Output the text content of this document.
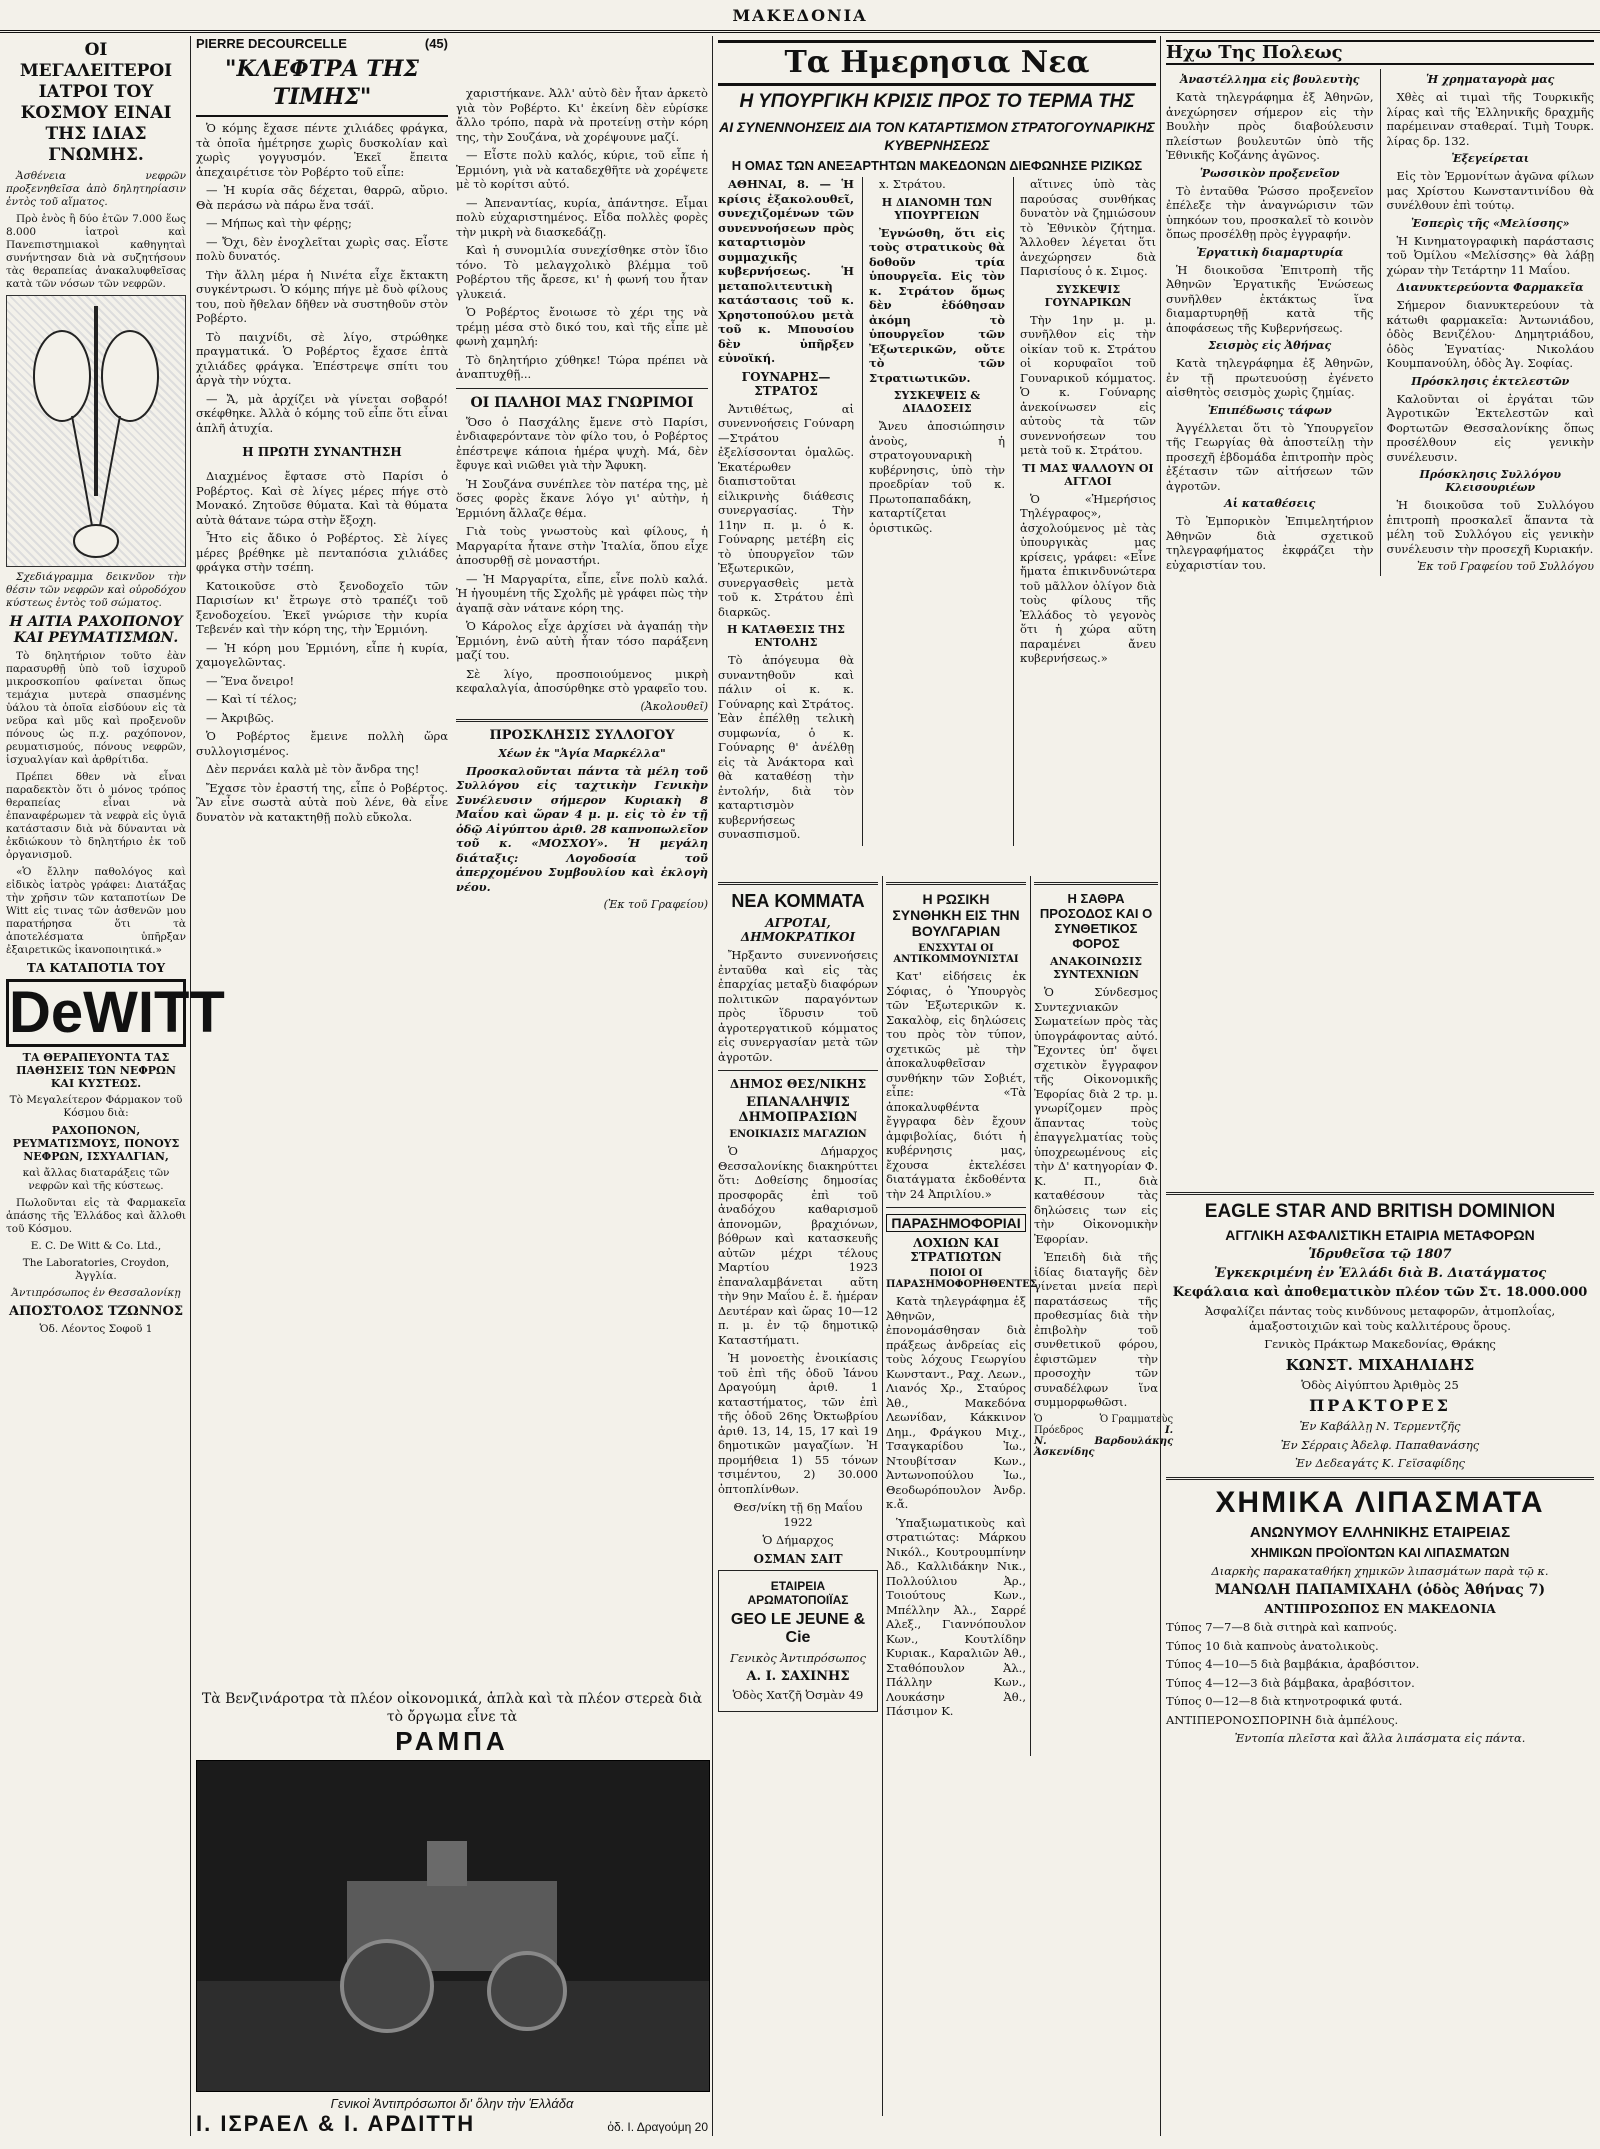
ΜΑΚΕΔΟΝΙΑ
ΟΙ ΜΕΓΑΛΕΙΤΕΡΟΙ ΙΑΤΡΟΙ ΤΟΥ ΚΟΣΜΟΥ ΕΙΝΑΙ ΤΗΣ ΙΔΙΑΣ ΓΝΩΜΗΣ.

Ἀσθένεια νεφρῶν προξενηθεῖσα ἀπὸ δηλητηρίασιν ἐντὸς τοῦ αἵματος.

Πρὸ ἑνὸς ἢ δύο ἐτῶν 7.000 ἕως 8.000 ἰατροὶ καὶ Πανεπιστημιακοὶ καθηγηταὶ συνήντησαν διὰ νὰ συζητήσουν τὰς θεραπείας ἀνακαλυφθεῖσας κατὰ τῶν νόσων τῶν νεφρῶν.

Σχεδιάγραμμα δεικνῦον τὴν θέσιν τῶν νεφρῶν καὶ οὐροδόχου κύστεως ἐντὸς τοῦ σώματος.

Η ΑΙΤΙΑ ΡΑΧΟΠΟΝΟΥ ΚΑΙ ΡΕΥΜΑΤΙΣΜΩΝ.

Τὸ δηλητήριον τοῦτο ἐὰν παρασυρθῇ ὑπὸ τοῦ ἰσχυροῦ μικροσκοπίου φαίνεται ὅπως τεμάχια μυτερὰ σπασμένης ὑάλου τὰ ὁποῖα εἰσδύουν εἰς τὰ νεῦρα καὶ μῦς καὶ προξενοῦν πόνους ὡς π.χ. ραχόπονον, ρευματισμούς, πόνους νεφρῶν, ἰσχυαλγίαν καὶ ἀρθρίτιδα.

Πρέπει δθεν νὰ εἶναι παραδεκτὸν ὅτι ὁ μόνος τρόπος θεραπείας εἶναι νὰ ἐπαναφέρωμεν τὰ νεφρὰ εἰς ὑγιᾶ κατάστασιν διὰ νὰ δύνανται νὰ ἐκδιώκουν τὸ δηλητήριο ἐκ τοῦ ὀργανισμοῦ.

«Ὁ ἔλλην παθολόγος καὶ εἰδικὸς ἰατρὸς γράφει: Διατάξας τὴν χρῆσιν τῶν καταποτίων De Witt εἰς τινας τῶν ἀσθενῶν μου παρατήρησα ὅτι τὰ ἀποτελέσματα ὑπῆρξαν ἐξαιρετικῶς ἱκανοποιητικά.»

ΤΑ ΚΑΤΑΠΟΤΙΑ ΤΟΥ
DeWITT
ΤΑ ΘΕΡΑΠΕΥΟΝΤΑ ΤΑΣ ΠΑΘΗΣΕΙΣ ΤΩΝ ΝΕΦΡΩΝ ΚΑΙ ΚΥΣΤΕΩΣ.
Τὸ Μεγαλείτερον Φάρμακον τοῦ Κόσμου διὰ:
ΡΑΧΟΠΟΝΟΝ, ΡΕΥΜΑΤΙΣΜΟΥΣ, ΠΟΝΟΥΣ ΝΕΦΡΩΝ, ΙΣΧΥΑΛΓΙΑΝ,
καὶ ἄλλας διαταράξεις τῶν νεφρῶν καὶ τῆς κύστεως.

Πωλοῦνται εἰς τὰ Φαρμακεῖα ἁπάσης τῆς Ἑλλάδος καὶ ἄλλοθι τοῦ Κόσμου.

E. C. De Witt & Co. Ltd.,
The Laboratories, Croydon, Ἀγγλία.
Ἀντιπρόσωπος ἐν Θεσσαλονίκῃ
ΑΠΟΣΤΟΛΟΣ ΤΖΩΝΝΟΣ
Ὁδ. Λέοντος Σοφοῦ 1
PIERRE DECOURCELLE	(45)
"ΚΛΕΦΤΡΑ ΤΗΣ ΤΙΜΗΣ"

Ὁ κόμης ἔχασε πέντε χιλιάδες φράγκα, τὰ ὁποῖα ἠμέτρησε χωρὶς δυσκολίαν καὶ χωρὶς γογγυσμόν. Ἐκεῖ ἔπειτα ἀπεχαιρέτισε τὸν Ροβέρτο τοῦ εἶπε:

— Ἡ κυρία σᾶς δέχεται, θαρρῶ, αὔριο. Θὰ περάσω νὰ πάρω ἕνα τσάϊ.

— Μήπως καὶ τὴν φέρῃς;

— Ὄχι, δὲν ἐνοχλεῖται χωρὶς σας. Εἶστε πολὺ δυνατός.

Τὴν ἄλλη μέρα ἡ Νινέτα εἶχε ἔκτακτη συγκέντρωσι. Ὁ κόμης πήγε μὲ δυὸ φίλους του, ποὺ ἤθελαν δῆθεν νὰ συστηθοῦν στὸν Ροβέρτο.

Τὸ παιχνίδι, σὲ λίγο, στρώθηκε πραγματικά. Ὁ Ροβέρτος ἔχασε ἑπτὰ χιλιάδες φράγκα. Ἐπέστρεψε σπίτι του ἀργὰ τὴν νύχτα.

— Ἄ, μὰ ἀρχίζει νὰ γίνεται σοβαρό! σκέφθηκε. Ἀλλὰ ὁ κόμης τοῦ εἶπε ὅτι εἶναι ἁπλῆ ἀτυχία.

Η ΠΡΩΤΗ ΣΥΝΑΝΤΗΣΗ

Διαχμένος ἔφτασε στὸ Παρίσι ὁ Ροβέρτος. Καὶ σὲ λίγες μέρες πήγε στὸ Μονακό. Ζητοῦσε θύματα. Καὶ τὰ θύματα αὐτὰ θάτανε τώρα στὴν ἔξοχη.

Ἦτο εἰς ἄδικο ὁ Ροβέρτος. Σὲ λίγες μέρες βρέθηκε μὲ πενταπόσια χιλιάδες φράγκα στὴν τσέπη.

Κατοικοῦσε στὸ ξενοδοχεῖο τῶν Παρισίων κι' ἔτρωγε στὸ τραπέζι τοῦ ξενοδοχείου. Ἐκεῖ γνώρισε τὴν κυρία Τεβενέν καὶ τὴν κόρη της, τὴν Ἑρμιόνη.

— Ἡ κόρη μου Ἑρμιόνη, εἶπε ἡ κυρία, χαμογελῶντας.

— Ἕνα ὄνειρο!

— Καὶ τί τέλος;

— Ἀκριβῶς.

Ὁ Ροβέρτος ἔμεινε πολλὴ ὥρα συλλογισμένος.

Δὲν περνάει καλὰ μὲ τὸν ἄνδρα της!

Ἔχασε τὸν ἐραστή της, εἶπε ὁ Ροβέρτος. Ἂν εἶνε σωστὰ αὐτὰ ποὺ λένε, θὰ εἶνε δυνατὸν νὰ κατακτηθῇ πολὺ εὔκολα.

χαριστήκανε. Ἀλλ' αὐτὸ δὲν ἦταν ἀρκετὸ γιὰ τὸν Ροβέρτο. Κι' ἐκείνη δὲν εὑρίσκε ἄλλο τρόπο, παρὰ νὰ προτείνῃ στὴν κόρη της, τὴν Σουζάνα, νὰ χορέψουνε μαζί.

— Εἶστε πολὺ καλός, κύριε, τοῦ εἶπε ἡ Ἑρμιόνη, γιὰ νὰ καταδεχθῆτε νὰ χορέψετε μὲ τὸ κορίτσι αὐτό.

— Ἀπεναντίας, κυρία, ἀπάντησε. Εἶμαι πολὺ εὐχαριστημένος. Εἶδα πολλὲς φορὲς τὴν μικρὴ νὰ διασκεδάζῃ.

Καὶ ἡ συνομιλία συνεχίσθηκε στὸν ἴδιο τόνο. Τὸ μελαγχολικὸ βλέμμα τοῦ Ροβέρτου τῆς ἄρεσε, κι' ἡ φωνή του ἦταν γλυκειά.

Ὁ Ροβέρτος ἔνοιωσε τὸ χέρι της νὰ τρέμῃ μέσα στὸ δικό του, καὶ τῆς εἶπε μὲ φωνὴ χαμηλή:

Τὸ δηλητήριο χύθηκε! Τώρα πρέπει νὰ ἀναπτυχθῇ...

ΟΙ ΠΑΛΗΟΙ ΜΑΣ ΓΝΩΡΙΜΟΙ

Ὅσο ὁ Πασχάλης ἔμενε στὸ Παρίσι, ἐνδιαφερόντανε τὸν φίλο του, ὁ Ροβέρτος ἐπέστρεψε κάποια ἡμέρα ψυχὴ. Μά, δὲν ἔφυγε καὶ νιῶθει γιὰ τὴν Ἄφυκη.

Ἡ Σουζάνα συνέπλεε τὸν πατέρα της, μὲ ὅσες φορὲς ἔκανε λόγο γι' αὐτὴν, ἡ Ἑρμιόνη ἄλλαζε θέμα.

Γιὰ τοὺς γνωστοὺς καὶ φίλους, ἡ Μαργαρίτα ἦτανε στὴν Ἰταλία, ὅπου εἶχε ἀποσυρθῇ σὲ μοναστήρι.

— Ἡ Μαργαρίτα, εἶπε, εἶνε πολὺ καλά. Ἡ ἡγουμένη τῆς Σχολῆς μὲ γράφει πὼς τὴν ἀγαπᾷ σὰν νάτανε κόρη της.

Ὁ Κάρολος εἶχε ἀρχίσει νὰ ἀγαπάῃ τὴν Ἑρμιόνη, ἐνῶ αὐτὴ ἦταν τόσο παράξενη μαζί του.

Σὲ λίγο, προσποιούμενος μικρὴ κεφαλαλγία, ἀποσύρθηκε στὸ γραφεῖο του.

(Ἀκολουθεῖ)
ΠΡΟΣΚΛΗΣΙΣ ΣΥΛΛΟΓΟΥ
Χέων ἐκ "Ἁγία Μαρκέλλα"

Προσκαλοῦνται πάντα τὰ μέλη τοῦ Συλλόγου εἰς ταχτικὴν Γενικὴν Συνέλευσιν σήμερον Κυριακὴ 8 Μαΐου καὶ ὥραν 4 μ. μ. εἰς τὸ ἐν τῇ ὁδῷ Αἰγύπτου ἀριθ. 28 καπνοπωλεῖον τοῦ κ. «ΜΟΣΧΟΥ». Ἡ μεγάλη διάταξις: Λογοδοσία τοῦ ἀπερχομένου Συμβουλίου καὶ ἐκλογὴ νέου.

(Ἐκ τοῦ Γραφείου)
Τὰ Βενζινάροτρα τὰ πλέον οἰκονομικά, ἁπλὰ καὶ τὰ πλέον στερεὰ διὰ τὸ ὄργωμα εἶνε τὰ
ΡΑΜΠΑ
Γενικοὶ Ἀντιπρόσωποι δι' ὅλην τὴν Ἑλλάδα
Ι. ΙΣΡΑΕΛ & Ι. ΑΡΔΙΤΤΗ	ὁδ. Ι. Δραγούμη 20
Τα Ημερησια Νεα
Η ΥΠΟΥΡΓΙΚΗ ΚΡΙΣΙΣ ΠΡΟΣ ΤΟ ΤΕΡΜΑ ΤΗΣ
ΑΙ ΣΥΝΕΝΝΟΗΣΕΙΣ ΔΙΑ ΤΟΝ ΚΑΤΑΡΤΙΣΜΟΝ ΣΤΡΑΤΟΓΟΥΝΑΡΙΚΗΣ ΚΥΒΕΡΝΗΣΕΩΣ
Η ΟΜΑΣ ΤΩΝ ΑΝΕΞΑΡΤΗΤΩΝ ΜΑΚΕΔΟΝΩΝ ΔΙΕΦΩΝΗΣΕ ΡΙΖΙΚΩΣ

ΑΘΗΝΑΙ, 8. — Ἡ κρίσις ἐξακολουθεῖ, συνεχιζομένων τῶν συνεννοήσεων πρὸς καταρτισμὸν συμμαχικῆς κυβερνήσεως. Ἡ μεταπολιτευτικὴ κατάστασις τοῦ κ. Χρηστοπούλου μετὰ τοῦ κ. Μπουσίου δὲν ὑπῆρξεν εὐνοϊκή.

ΓΟΥΝΑΡΗΣ—ΣΤΡΑΤΟΣ

Ἀντιθέτως, αἱ συνεννοήσεις Γούναρη—Στράτου ἐξελίσσονται ὁμαλῶς. Ἑκατέρωθεν διαπιστοῦται εἰλικρινὴς διάθεσις συνεργασίας. Τὴν 11ην π. μ. ὁ κ. Γούναρης μετέβη εἰς τὸ ὑπουργεῖον τῶν Ἐξωτερικῶν, συνεργασθεὶς μετὰ τοῦ κ. Στράτου ἐπὶ διαρκῶς.

Η ΚΑΤΑΘΕΣΙΣ ΤΗΣ ΕΝΤΟΛΗΣ

Τὸ ἀπόγευμα θὰ συναντηθοῦν καὶ πάλιν οἱ κ. κ. Γούναρης καὶ Στράτος. Ἐὰν ἐπέλθῃ τελικὴ συμφωνία, ὁ κ. Γούναρης θ' ἀνέλθῃ εἰς τὰ Ἀνάκτορα καὶ θὰ καταθέσῃ τὴν ἐντολήν, διὰ τὸν καταρτισμὸν κυβερνήσεως συνασπισμοῦ.

x. Στράτου.

Η ΔΙΑΝΟΜΗ ΤΩΝ ΥΠΟΥΡΓΕΙΩΝ

Ἐγνώσθη, ὅτι εἰς τοὺς στρατικοὺς θὰ δοθοῦν τρία ὑπουργεῖα. Εἰς τὸν κ. Στράτον ὅμως δὲν ἐδόθησαν ἀκόμη τὸ ὑπουργεῖον τῶν Ἐξωτερικῶν, οὔτε τὸ τῶν Στρατιωτικῶν.

ΣΥΣΚΕΨΕΙΣ & ΔΙΑΔΟΣΕΙΣ

Ἄνευ ἀποσιώπησιν ἀνοὺς, ἡ στρατογουναρικὴ κυβέρνησις, ὑπὸ τὴν προεδρίαν τοῦ κ. Πρωτοπαπαδάκη, καταρτίζεται ὁριστικῶς.

αἵτινες ὑπὸ τὰς παρούσας συνθήκας δυνατὸν νὰ ζημιώσουν τὸ Ἐθνικὸν ζήτημα. Ἄλλοθεν λέγεται ὅτι ἀνεχώρησεν διὰ Παρισίους ὁ κ. Σιμος.

ΣΥΣΚΕΨΙΣ ΓΟΥΝΑΡΙΚΩΝ

Τὴν 1ην μ. μ. συνῆλθον εἰς τὴν οἰκίαν τοῦ κ. Στράτου οἱ κορυφαῖοι τοῦ Γουναρικοῦ κόμματος. Ὁ κ. Γούναρης ἀνεκοίνωσεν εἰς αὐτοὺς τὰ τῶν συνεννοήσεων του μετὰ τοῦ κ. Στράτου.

ΤΙ ΜΑΣ ΨΑΛΛΟΥΝ ΟΙ ΑΓΓΛΟΙ

Ὁ «Ἡμερήσιος Τηλέγραφος», ἀσχολούμενος μὲ τὰς ὑπουργικὰς μας κρίσεις, γράφει: «Εἶνε ἤματα ἐπικινδυνώτερα τοῦ μᾶλλον ὀλίγον διὰ τοὺς φίλους τῆς Ἑλλάδος τὸ γεγονὸς ὅτι ἡ χώρα αὕτη παραμένει ἄνευ κυβερνήσεως.»

ΝΕΑ ΚΟΜΜΑΤΑ
ΑΓΡΟΤΑΙ, ΔΗΜΟΚΡΑΤΙΚΟΙ

Ἤρξαντο συνεννοήσεις ἐνταῦθα καὶ εἰς τὰς ἐπαρχίας μεταξὺ διαφόρων πολιτικῶν παραγόντων πρὸς ἵδρυσιν τοῦ ἀγροτεργατικοῦ κόμματος εἰς συνεργασίαν μετὰ τῶν ἀγροτῶν.

ΔΗΜΟΣ ΘΕΣ/ΝΙΚΗΣ
ΕΠΑΝΑΛΗΨΙΣ ΔΗΜΟΠΡΑΣΙΩΝ
ΕΝΟΙΚΙΑΣΙΣ ΜΑΓΑΖΙΩΝ

Ὁ Δήμαρχος Θεσσαλονίκης διακηρύττει ὅτι: Δοθείσης δημοσίας προσφορᾶς ἐπὶ τοῦ ἀναδόχου καθαρισμοῦ ἀπονομῶν, βραχιόνων, βόθρων καὶ κατασκευῆς αὐτῶν μέχρι τέλους Μαρτίου 1923 ἐπαναλαμβάνεται αὕτη τὴν 9ην Μαΐου ἐ. ἔ. ἡμέραν Δευτέραν καὶ ὥρας 10—12 π. μ. ἐν τῷ δημοτικῷ Καταστήματι.

Ἡ μονοετὴς ἐνοικίασις τοῦ ἐπὶ τῆς ὁδοῦ Ἰάνου Δραγούμη ἀριθ. 1 καταστήματος, τῶν ἐπὶ τῆς ὁδοῦ 26ης Ὀκτωβρίου ἀριθ. 13, 14, 15, 17 καὶ 19 δημοτικῶν μαγαζίων. Ἡ προμήθεια 1) 55 τόνων τσιμέντου, 2) 30.000 ὀπτοπλίνθων.

Θεσ/νίκη τῇ 6ῃ Μαΐου 1922
Ὁ Δήμαρχος
ΟΣΜΑΝ ΣΑΙΤ
ΕΤΑΙΡΕΙΑ ΑΡΩΜΑΤΟΠΟΙΪΑΣ
GEO LE JEUNE & Cie
Γενικὸς Ἀντιπρόσωπος
Α. Ι. ΣΑΧΙΝΗΣ
Ὁδὸς Χατζῆ Ὀσμὰν 49
Η ΡΩΣΙΚΗ ΣΥΝΘΗΚΗ ΕΙΣ ΤΗΝ ΒΟΥΛΓΑΡΙΑΝ
ΕΝΣΧΥΤΑΙ ΟΙ ΑΝΤΙΚΟΜΜΟΥΝΙΣΤΑΙ

Κατ' εἰδήσεις ἐκ Σόφιας, ὁ Ὑπουργὸς τῶν Ἐξωτερικῶν κ. Σακαλὸφ, εἰς δηλώσεις του πρὸς τὸν τύπον, σχετικῶς μὲ τὴν ἀποκαλυφθεῖσαν συνθήκην τῶν Σοβιέτ, εἶπε: «Τὰ ἀποκαλυφθέντα ἔγγραφα δὲν ἔχουν ἀμφιβολίας, διότι ἡ κυβέρνησις μας, ἔχουσα ἐκτελέσει διατάγματα ἐκδοθέντα τὴν 24 Ἀπριλίου.»

ΠΑΡΑΣΗΜΟΦΟΡΙΑΙ
ΛΟΧΙΩΝ ΚΑΙ ΣΤΡΑΤΙΩΤΩΝ
ΠΟΙΟΙ ΟΙ ΠΑΡΑΣΗΜΟΦΟΡΗΘΕΝΤΕΣ

Κατὰ τηλεγράφημα ἐξ Ἀθηνῶν, ἐπονομάσθησαν διὰ πράξεως ἀνδρείας εἰς τοὺς λόχους Γεωργίου Κωνσταντ., Ραχ. Λεων., Λιανός Χρ., Σταύρος Ἀθ., Μακεδόνα Λεωνίδαν, Κάκκινον Δημ., Φράγκου Μιχ., Τσαγκαρίδου Ἰω., Ντουβίτσαν Κων., Ἀντωνοπούλου Ἰω., Θεοδωρόπουλον Ἀνδρ. κ.ἄ.

Ὑπαξιωματικοὺς καὶ στρατιώτας: Μάρκου Νικόλ., Κουτρουμπίνην Ἀδ., Καλλιδάκην Νικ., Πολλούλιου Ἀρ., Τοιούτους Κων., Μπέλλην Ἀλ., Σαρρέ Αλεξ., Γιαννόπουλον Κων., Κουτλίδην Κυριακ., Καραλιῶν Ἀθ., Σταθόπουλον Ἀλ., Πάλλην Κων., Λουκάσην Ἀθ., Πάσιμον Κ.

Η ΣΑΘΡΑ ΠΡΟΣΟΔΟΣ ΚΑΙ Ο ΣΥΝΘΕΤΙΚΟΣ ΦΟΡΟΣ
ΑΝΑΚΟΙΝΩΣΙΣ ΣΥΝΤΕΧΝΙΩΝ

Ὁ Σύνδεσμος Συντεχνιακῶν Σωματείων πρὸς τὰς ὑπογράφοντας αὐτό. Ἔχοντες ὑπ' ὄψει σχετικὸν ἔγγραφον τῆς Οἰκονομικῆς Ἐφορίας διὰ 2 τρ. μ. γνωρίζομεν πρὸς ἅπαντας τοὺς ἐπαγγελματίας τοὺς ὑποχρεωμένους εἰς τὴν Δ' κατηγορίαν Φ. Κ. Π., διὰ καταθέσουν τὰς δηλώσεις των εἰς τὴν Οἰκονομικὴν Ἐφορίαν.

Ἐπειδὴ διὰ τῆς ἰδίας διαταγῆς δὲν γίνεται μνεία περὶ παρατάσεως τῆς προθεσμίας διὰ τὴν ἐπιβολὴν τοῦ συνθετικοῦ φόρου, ἐφιστῶμεν τὴν προσοχὴν τῶν συναδέλφων ἵνα συμμορφωθῶσι.

Ὁ Πρόεδρος
Ν. Ἀσκενίδης
Ὁ Γραμματεὺς
Ι. Βαρδουλάκης
Ηχω Της Πολεως
Ἀναστέλλημα εἰς βουλευτὴς

Κατὰ τηλεγράφημα ἐξ Ἀθηνῶν, ἀνεχώρησεν σήμερον εἰς τὴν Βουλὴν πρὸς διαβούλευσιν πλείστων βουλευτῶν ὑπὸ τῆς Ἐθνικῆς Κοζάνης ἀγῶνος.

Ῥωσσικὸν προξενεῖον

Τὸ ἐνταῦθα Ῥώσσο προξενεῖον ἐπέλεξε τὴν ἀναγνώρισιν τῶν ὑπηκόων του, προσκαλεῖ τὸ κοινὸν ὅπως προσέλθῃ πρὸς ἐγγραφήν.

Ἐργατικὴ διαμαρτυρία

Ἡ διοικοῦσα Ἐπιτροπὴ τῆς Ἀθηνῶν Ἐργατικῆς Ἑνώσεως συνῆλθεν ἐκτάκτως ἵνα διαμαρτυρηθῇ κατὰ τῆς ἀποφάσεως τῆς Κυβερνήσεως.

Σεισμὸς εἰς Ἀθήνας

Κατὰ τηλεγράφημα ἐξ Ἀθηνῶν, ἐν τῇ πρωτευούσῃ ἐγένετο αἰσθητὸς σεισμὸς χωρὶς ζημίας.

Ἐπιπέδωσις τάφων

Ἀγγέλλεται ὅτι τὸ Ὑπουργεῖον τῆς Γεωργίας θὰ ἀποστείλῃ τὴν προσεχῆ ἑβδομάδα ἐπιτροπὴν πρὸς ἐξέτασιν τῶν αἰτήσεων τῶν ἀγροτῶν.

Αἱ καταθέσεις

Τὸ Ἐμπορικὸν Ἐπιμελητήριον Ἀθηνῶν διὰ σχετικοῦ τηλεγραφήματος ἐκφράζει τὴν εὐχαριστίαν του.

Ἡ χρηματαγορὰ μας

Χθὲς αἱ τιμαὶ τῆς Τουρκικῆς λίρας καὶ τῆς Ἑλληνικῆς δραχμῆς παρέμειναν σταθεραί. Τιμὴ Τουρκ. λίρας δρ. 132.

Ἐξεγείρεται

Εἰς τὸν Ἑρμονίτων ἀγῶνα φίλων μας Χρίστου Κωνσταντινίδου θὰ συνέλθουν ἐπὶ τούτῳ.

Ἐσπερὶς τῆς «Μελίσσης»

Ἡ Κινηματογραφικὴ παράστασις τοῦ Ὀμίλου «Μελίσσης» θὰ λάβῃ χώραν τὴν Τετάρτην 11 Μαΐου.

Διανυκτερεύοντα Φαρμακεῖα

Σήμερον διανυκτερεύουν τὰ κάτωθι φαρμακεῖα: Ἀντωνιάδου, ὁδὸς Βενιζέλου· Δημητριάδου, ὁδὸς Ἐγνατίας· Νικολάου Κουμπανούλη, ὁδὸς Ἁγ. Σοφίας.

Πρόσκλησις ἐκτελεστῶν

Καλοῦνται οἱ ἐργάται τῶν Ἀγροτικῶν Ἐκτελεστῶν καὶ Φορτωτῶν Θεσσαλονίκης ὅπως προσέλθουν εἰς γενικὴν συνέλευσιν.

Πρόσκλησις Συλλόγου Κλεισουριέων

Ἡ διοικοῦσα τοῦ Συλλόγου ἐπιτροπὴ προσκαλεῖ ἅπαντα τὰ μέλη τοῦ Συλλόγου εἰς γενικὴν συνέλευσιν τὴν προσεχῆ Κυριακήν.

Ἐκ τοῦ Γραφείου τοῦ Συλλόγου
EAGLE STAR AND BRITISH DOMINION
ΑΓΓΛΙΚΗ ΑΣΦΑΛΙΣΤΙΚΗ ΕΤΑΙΡΙΑ ΜΕΤΑΦΟΡΩΝ
Ἱδρυθεῖσα τῷ 1807
Ἐγκεκριμένη ἐν Ἑλλάδι διὰ Β. Διατάγματος
Κεφάλαια καὶ ἀποθεματικὸν πλέον τῶν Στ. 18.000.000

Ἀσφαλίζει πάντας τοὺς κινδύνους μεταφορῶν, ἀτμοπλοΐας, ἁμαξοστοιχιῶν καὶ τοὺς καλλιτέρους ὅρους.

Γενικὸς Πράκτωρ Μακεδονίας, Θράκης
ΚΩΝΣΤ. ΜΙΧΑΗΛΙΔΗΣ
Ὁδὸς Αἰγύπτου Ἀριθμὸς 25
ΠΡΑΚΤΟΡΕΣ
Ἐν Καβάλλῃ Ν. Τερμεντζῆς
Ἐν Σέρραις Ἀδελφ. Παπαθανάσης
Ἐν Δεδεαγάτς Κ. Γεϊσαφίδης
ΧΗΜΙΚΑ ΛΙΠΑΣΜΑΤΑ
ΑΝΩΝΥΜΟΥ ΕΛΛΗΝΙΚΗΣ ΕΤΑΙΡΕΙΑΣ
ΧΗΜΙΚΩΝ ΠΡΟΪΟΝΤΩΝ ΚΑΙ ΛΙΠΑΣΜΑΤΩΝ
Διαρκὴς παρακαταθήκη χημικῶν λιπασμάτων παρὰ τῷ κ.
ΜΑΝΩΛΗ ΠΑΠΑΜΙΧΑΗΛ (ὁδὸς Ἀθήνας 7)
ΑΝΤΙΠΡΟΣΩΠΟΣ ΕΝ ΜΑΚΕΔΟΝΙΑ
Τύπος 7—7—8 διὰ σιτηρὰ καὶ καπνούς.
Τύπος 10 διὰ καπνοὺς ἀνατολικοὺς.
Τύπος 4—10—5 διὰ βαμβάκια, ἀραβόσιτον.
Τύπος 4—12—3 διὰ βάμβακα, ἀραβόσιτον.
Τύπος 0—12—8 διὰ κτηνοτροφικά φυτά.
ΑΝΤΙΠΕΡΟΝΟΣΠΟΡΙΝΗ διὰ ἀμπέλους.
Ἐντοπία πλεῖστα καὶ ἄλλα λιπάσματα εἰς πάντα.
